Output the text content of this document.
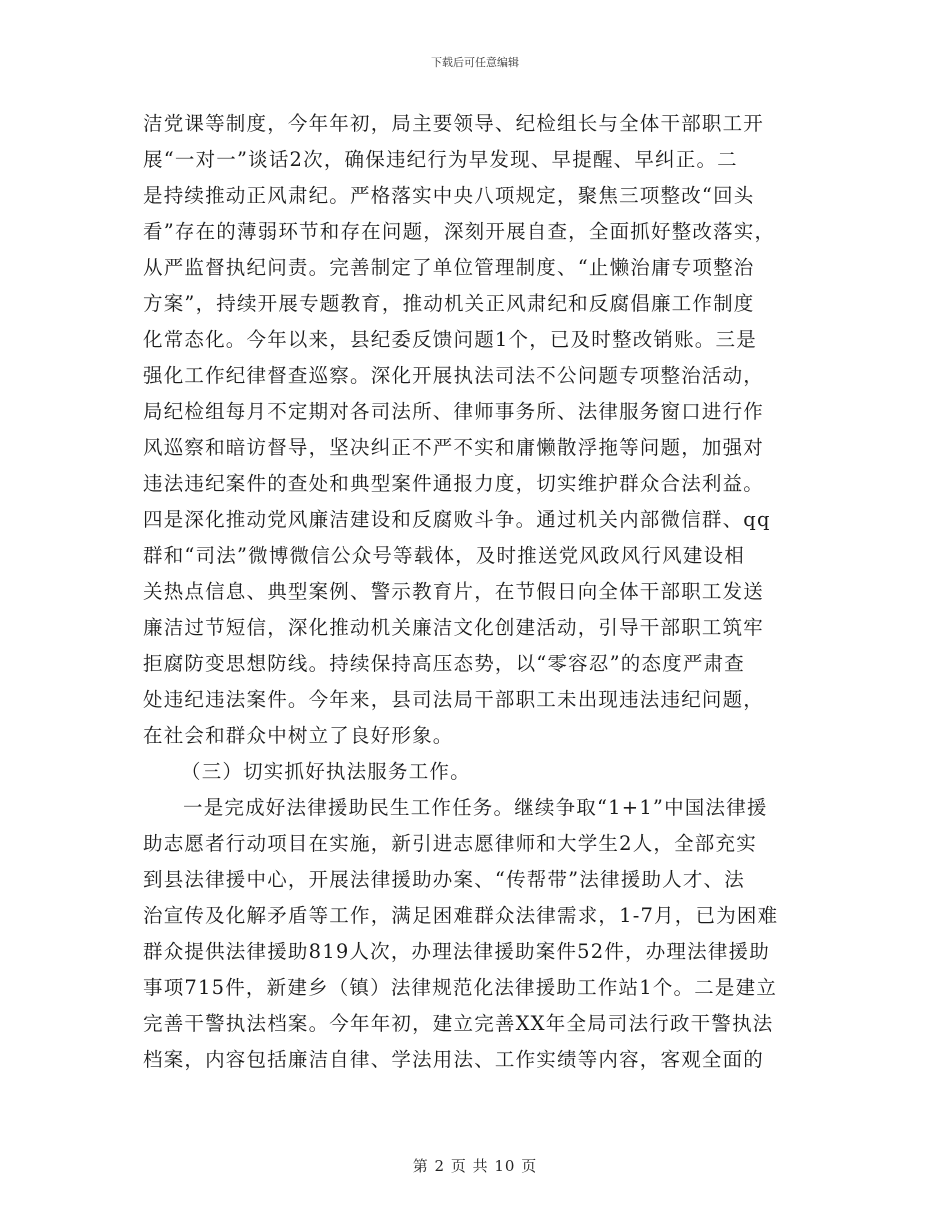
下载后可任意编辑
洁党课等制度，今年年初，局主要领导、纪检组长与全体干部职工开
展“一对一”谈话2次，确保违纪行为早发现、早提醒、早纠正。二
是持续推动正风肃纪。严格落实中央八项规定，聚焦三项整改“回头
看”存在的薄弱环节和存在问题，深刻开展自查，全面抓好整改落实，
从严监督执纪问责。完善制定了单位管理制度、“止懒治庸专项整治
方案”，持续开展专题教育，推动机关正风肃纪和反腐倡廉工作制度
化常态化。今年以来，县纪委反馈问题1个，已及时整改销账。三是
强化工作纪律督查巡察。深化开展执法司法不公问题专项整治活动，
局纪检组每月不定期对各司法所、律师事务所、法律服务窗口进行作
风巡察和暗访督导，坚决纠正不严不实和庸懒散浮拖等问题，加强对
违法违纪案件的查处和典型案件通报力度，切实维护群众合法利益。
四是深化推动党风廉洁建设和反腐败斗争。通过机关内部微信群、qq
群和“司法”微博微信公众号等载体，及时推送党风政风行风建设相
关热点信息、典型案例、警示教育片，在节假日向全体干部职工发送
廉洁过节短信，深化推动机关廉洁文化创建活动，引导干部职工筑牢
拒腐防变思想防线。持续保持高压态势，以“零容忍”的态度严肃查
处违纪违法案件。今年来，县司法局干部职工未出现违法违纪问题，
在社会和群众中树立了良好形象。
（三）切实抓好执法服务工作。
一是完成好法律援助民生工作任务。继续争取“1+1”中国法律援
助志愿者行动项目在实施，新引进志愿律师和大学生2人，全部充实
到县法律援中心，开展法律援助办案、“传帮带”法律援助人才、法
治宣传及化解矛盾等工作，满足困难群众法律需求，1-7月，已为困难
群众提供法律援助819人次，办理法律援助案件52件，办理法律援助
事项715件，新建乡（镇）法律规范化法律援助工作站1个。二是建立
完善干警执法档案。今年年初，建立完善XX年全局司法行政干警执法
档案，内容包括廉洁自律、学法用法、工作实绩等内容，客观全面的
第 2 页 共 10 页
